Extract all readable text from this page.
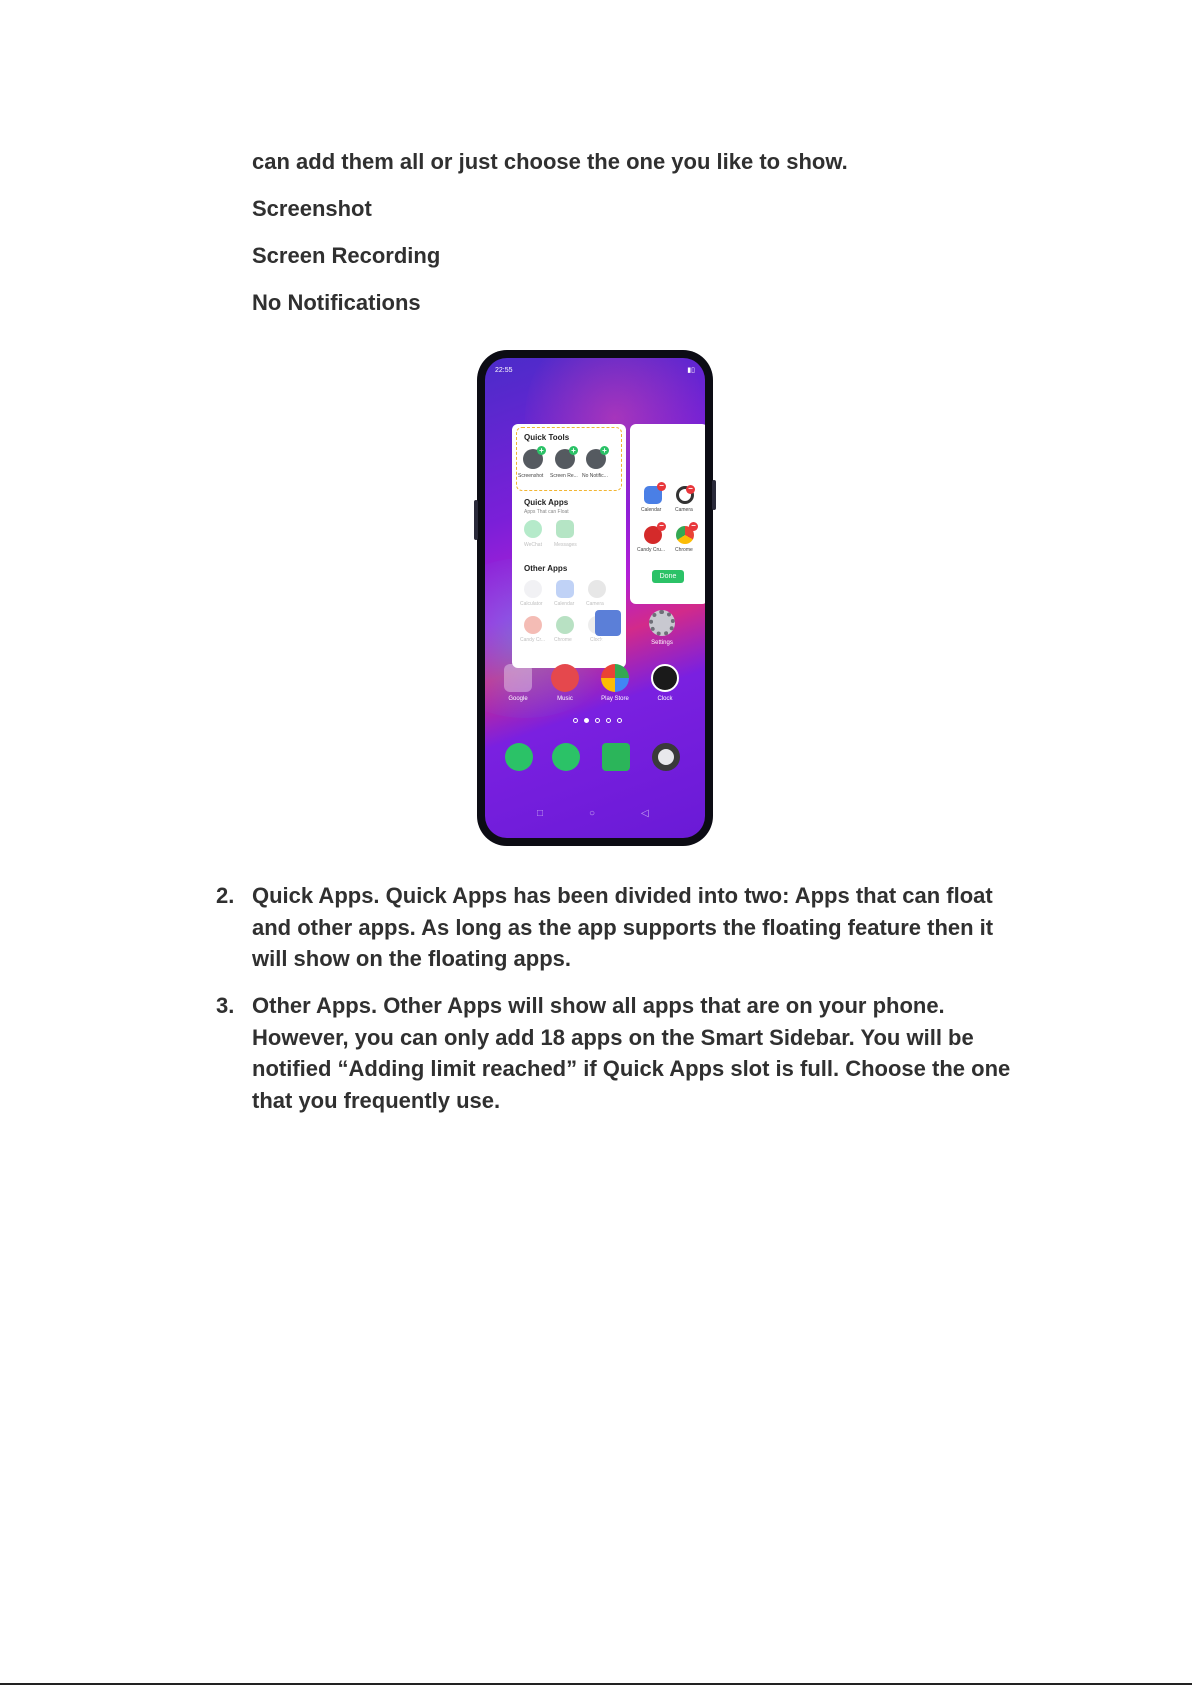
can add them all or just choose the one you like to show.
Screenshot
Screen Recording
No Notifications
22:55	▮▯
Quick Tools
+	+	+
Screenshot Screen Re... No Notific...
Quick Apps
Apps That can Float
WeChat Messages
Other Apps
Calculator Calendar Camera
Candy Cr... Chrome	Clock
−	−
Calendar	Camera
−	−
Candy Cru... Chrome
Done
Photos	Settings
Google	Music	Play Store	Clock
□	○	◁
2. Quick Apps. Quick Apps has been divided into two: Apps that can float
and other apps. As long as the app supports the floating feature then it
will show on the floating apps.
3. Other Apps. Other Apps will show all apps that are on your phone.
However, you can only add 18 apps on the Smart Sidebar. You will be
notified “Adding limit reached” if Quick Apps slot is full. Choose the one
that you frequently use.
